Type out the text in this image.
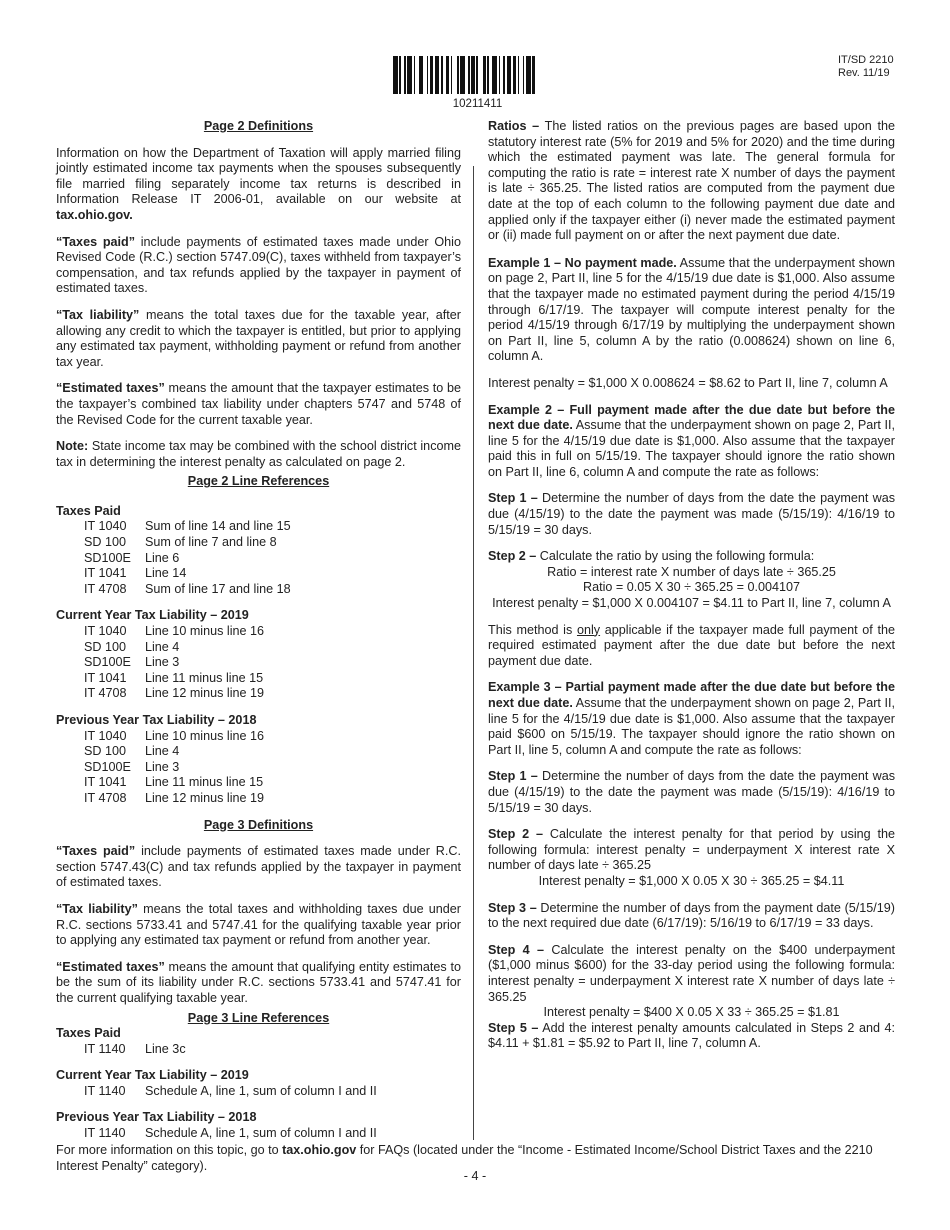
10211411
IT/SD 2210
Rev. 11/19
Page 2 Definitions

Information on how the Department of Taxation will apply married filing jointly estimated income tax payments when the spouses subsequently file married filing separately income tax returns is described in Information Release IT 2006-01, available on our website at tax.ohio.gov.

“Taxes paid” include payments of estimated taxes made under Ohio Revised Code (R.C.) section 5747.09(C), taxes withheld from taxpayer’s compensation, and tax refunds applied by the taxpayer in payment of estimated taxes.

“Tax liability” means the total taxes due for the taxable year, after allowing any credit to which the taxpayer is entitled, but prior to applying any estimated tax payment, withholding payment or refund from another tax year.

“Estimated taxes” means the amount that the taxpayer estimates to be the taxpayer’s combined tax liability under chapters 5747 and 5748 of the Revised Code for the current taxable year.

Note: State income tax may be combined with the school district income tax in determining the interest penalty as calculated on page 2.

Page 2 Line References
Taxes Paid
IT 1040	Sum of line 14 and line 15
SD 100	Sum of line 7 and line 8
SD100E	Line 6
IT 1041	Line 14
IT 4708	Sum of line 17 and line 18
Current Year Tax Liability – 2019
IT 1040	Line 10 minus line 16
SD 100	Line 4
SD100E	Line 3
IT 1041	Line 11 minus line 15
IT 4708	Line 12 minus line 19
Previous Year Tax Liability – 2018
IT 1040	Line 10 minus line 16
SD 100	Line 4
SD100E	Line 3
IT 1041	Line 11 minus line 15
IT 4708	Line 12 minus line 19
Page 3 Definitions

“Taxes paid” include payments of estimated taxes made under R.C. section 5747.43(C) and tax refunds applied by the taxpayer in payment of estimated taxes.

“Tax liability” means the total taxes and withholding taxes due under R.C. sections 5733.41 and 5747.41 for the qualifying taxable year prior to applying any estimated tax payment or refund from another year.

“Estimated taxes” means the amount that qualifying entity estimates to be the sum of its liability under R.C. sections 5733.41 and 5747.41 for the current qualifying taxable year.

Page 3 Line References
Taxes Paid
IT 1140	Line 3c
Current Year Tax Liability – 2019
IT 1140	Schedule A, line 1, sum of column I and II
Previous Year Tax Liability – 2018
IT 1140	Schedule A, line 1, sum of column I and II

Ratios – The listed ratios on the previous pages are based upon the statutory interest rate (5% for 2019 and 5% for 2020) and the time during which the estimated payment was late. The general formula for computing the ratio is rate = interest rate X number of days the payment is late ÷ 365.25. The listed ratios are computed from the payment due date at the top of each column to the following payment due date and applied only if the taxpayer either (i) never made the estimated payment or (ii) made full payment on or after the next payment due date.

Example 1 – No payment made. Assume that the underpayment shown on page 2, Part II, line 5 for the 4/15/19 due date is $1,000. Also assume that the taxpayer made no estimated payment during the period 4/15/19 through 6/17/19. The taxpayer will compute interest penalty for the period 4/15/19 through 6/17/19 by multiplying the underpayment shown on Part II, line 5, column A by the ratio (0.008624) shown on line 6, column A.

Interest penalty = $1,000 X 0.008624 = $8.62 to Part II, line 7, column A

Example 2 – Full payment made after the due date but before the next due date. Assume that the underpayment shown on page 2, Part II, line 5 for the 4/15/19 due date is $1,000. Also assume that the taxpayer paid this in full on 5/15/19. The taxpayer should ignore the ratio shown on Part II, line 6, column A and compute the rate as follows:

Step 1 – Determine the number of days from the date the payment was due (4/15/19) to the date the payment was made (5/15/19): 4/16/19 to 5/15/19 = 30 days.

Step 2 – Calculate the ratio by using the following formula:
Ratio = interest rate X number of days late ÷ 365.25
Ratio = 0.05 X 30 ÷ 365.25 = 0.004107
Interest penalty = $1,000 X 0.004107 = $4.11 to Part II, line 7, column A

This method is only applicable if the taxpayer made full payment of the required estimated payment after the due date but before the next payment due date.

Example 3 – Partial payment made after the due date but before the next due date. Assume that the underpayment shown on page 2, Part II, line 5 for the 4/15/19 due date is $1,000. Also assume that the taxpayer paid $600 on 5/15/19. The taxpayer should ignore the ratio shown on Part II, line 5, column A and compute the rate as follows:

Step 1 – Determine the number of days from the date the payment was due (4/15/19) to the date the payment was made (5/15/19): 4/16/19 to 5/15/19 = 30 days.

Step 2 – Calculate the interest penalty for that period by using the following formula: interest penalty = underpayment X interest rate X number of days late ÷ 365.25
Interest penalty = $1,000 X 0.05 X 30 ÷ 365.25 = $4.11

Step 3 – Determine the number of days from the payment date (5/15/19) to the next required due date (6/17/19): 5/16/19 to 6/17/19 = 33 days.

Step 4 – Calculate the interest penalty on the $400 underpayment ($1,000 minus $600) for the 33-day period using the following formula: interest penalty = underpayment X interest rate X number of days late ÷ 365.25
Interest penalty = $400 X 0.05 X 33 ÷ 365.25 = $1.81
Step 5 – Add the interest penalty amounts calculated in Steps 2 and 4: $4.11 + $1.81 = $5.92 to Part II, line 7, column A.
For more information on this topic, go to tax.ohio.gov for FAQs (located under the “Income - Estimated Income/School District Taxes and the 2210 Interest Penalty” category).
- 4 -
